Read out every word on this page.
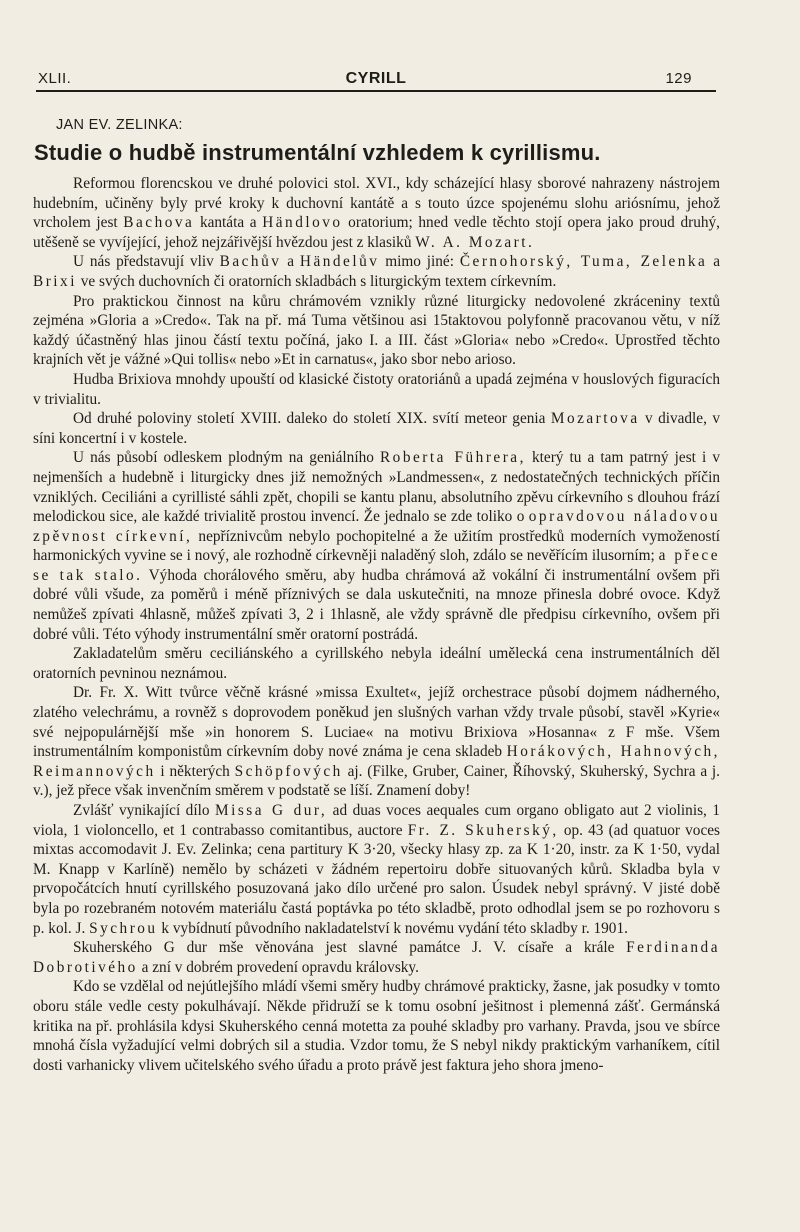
XLII.	CYRILL	129
JAN EV. ZELINKA:
Studie o hudbě instrumentální vzhledem k cyrillismu.

Reformou florencskou ve druhé polovici stol. XVI., kdy scházející hlasy sborové nahrazeny nástrojem hudebním, učiněny byly prvé kroky k duchovní kantátě a s touto úzce spojenému slohu ariósnímu, jehož vrcholem jest Bachova kantáta a Händlovo oratorium; hned vedle těchto stojí opera jako proud druhý, utěšeně se vyvíjející, jehož nejzářivější hvězdou jest z klasiků W. A. Mozart.

U nás představují vliv Bachův a Händelův mimo jiné: Černohorský, Tuma, Zelenka a Brixi ve svých duchovních či oratorních skladbách s liturgickým textem církevním.

Pro praktickou činnost na kůru chrámovém vznikly různé liturgicky nedovolené zkráceniny textů zejména »Gloria a »Credo«. Tak na př. má Tuma většinou asi 15taktovou polyfonně pracovanou větu, v níž každý účastněný hlas jinou částí textu počíná, jako I. a III. část »Gloria« nebo »Credo«. Uprostřed těchto krajních vět je vážné »Qui tollis« nebo »Et in carnatus«, jako sbor nebo arioso.

Hudba Brixiova mnohdy upouští od klasické čistoty oratoriánů a upadá zejména v houslových figuracích v trivialitu.

Od druhé poloviny století XVIII. daleko do století XIX. svítí meteor genia Mozartova v divadle, v síni koncertní i v kostele.

U nás působí odleskem plodným na geniálního Roberta Führera, který tu a tam patrný jest i v nejmenších a hudebně i liturgicky dnes již nemožných »Landmessen«, z nedostatečných technických příčin vzniklých. Ceciliáni a cyrillisté sáhli zpět, chopili se kantu planu, absolutního zpěvu církevního s dlouhou frází melodickou sice, ale každé trivialitě prostou invencí. Že jednalo se zde toliko o opravdovou náladovou zpěvnost církevní, nepříznivcům nebylo pochopitelné a že užitím prostředků moderních vymožeností harmonických vyvine se i nový, ale rozhodně církevněji naladěný sloh, zdálo se nevěřícím ilusorním; a přece se tak stalo. Výhoda chorálového směru, aby hudba chrámová až vokální či instrumentální ovšem při dobré vůli všude, za poměrů i méně příznivých se dala uskutečniti, na mnoze přinesla dobré ovoce. Když nemůžeš zpívati 4hlasně, můžeš zpívati 3, 2 i 1hlasně, ale vždy správně dle předpisu církevního, ovšem při dobré vůli. Této výhody instrumentální směr oratorní postrádá.

Zakladatelům směru ceciliánského a cyrillského nebyla ideální umělecká cena instrumentálních děl oratorních pevninou neznámou.

Dr. Fr. X. Witt tvůrce věčně krásné »missa Exultet«, jejíž orchestrace působí dojmem nádherného, zlatého velechrámu, a rovněž s doprovodem poněkud jen slušných varhan vždy trvale působí, stavěl »Kyrie« své nejpopulárnější mše »in honorem S. Luciae« na motivu Brixiova »Hosanna« z F mše. Všem instrumentálním komponistům církevním doby nové známa je cena skladeb Horákových, Hahnových, Reimannových i některých Schöpfových aj. (Filke, Gruber, Cainer, Říhovský, Skuherský, Sychra a j. v.), jež přece však invenčním směrem v podstatě se líší. Znamení doby!

Zvlášť vynikající dílo Missa G dur, ad duas voces aequales cum organo obligato aut 2 violinis, 1 viola, 1 violoncello, et 1 contrabasso comitantibus, auctore Fr. Z. Skuherský, op. 43 (ad quatuor voces mixtas accomodavit J. Ev. Zelinka; cena partitury K 3·20, všecky hlasy zp. za K 1·20, instr. za K 1·50, vydal M. Knapp v Karlíně) nemělo by scházeti v žádném repertoiru dobře situovaných kůrů. Skladba byla v prvopočátcích hnutí cyrillského posuzovaná jako dílo určené pro salon. Úsudek nebyl správný. V jisté době byla po rozebraném notovém materiálu častá poptávka po této skladbě, proto odhodlal jsem se po rozhovoru s p. kol. J. Sychrou k vybídnutí původního nakladatelství k novému vydání této skladby r. 1901.

Skuherského G dur mše věnována jest slavné památce J. V. císaře a krále Ferdinanda Dobrotivého a zní v dobrém provedení opravdu královsky.

Kdo se vzdělal od nejútlejšího mládí všemi směry hudby chrámové prakticky, žasne, jak posudky v tomto oboru stále vedle cesty pokulhávají. Někde přidruží se k tomu osobní ješitnost i plemenná zášť. Germánská kritika na př. prohlásila kdysi Skuherského cenná motetta za pouhé skladby pro varhany. Pravda, jsou ve sbírce mnohá čísla vyžadující velmi dobrých sil a studia. Vzdor tomu, že S nebyl nikdy praktickým varhaníkem, cítil dosti varhanicky vlivem učitelského svého úřadu a proto právě jest faktura jeho shora jmeno-
